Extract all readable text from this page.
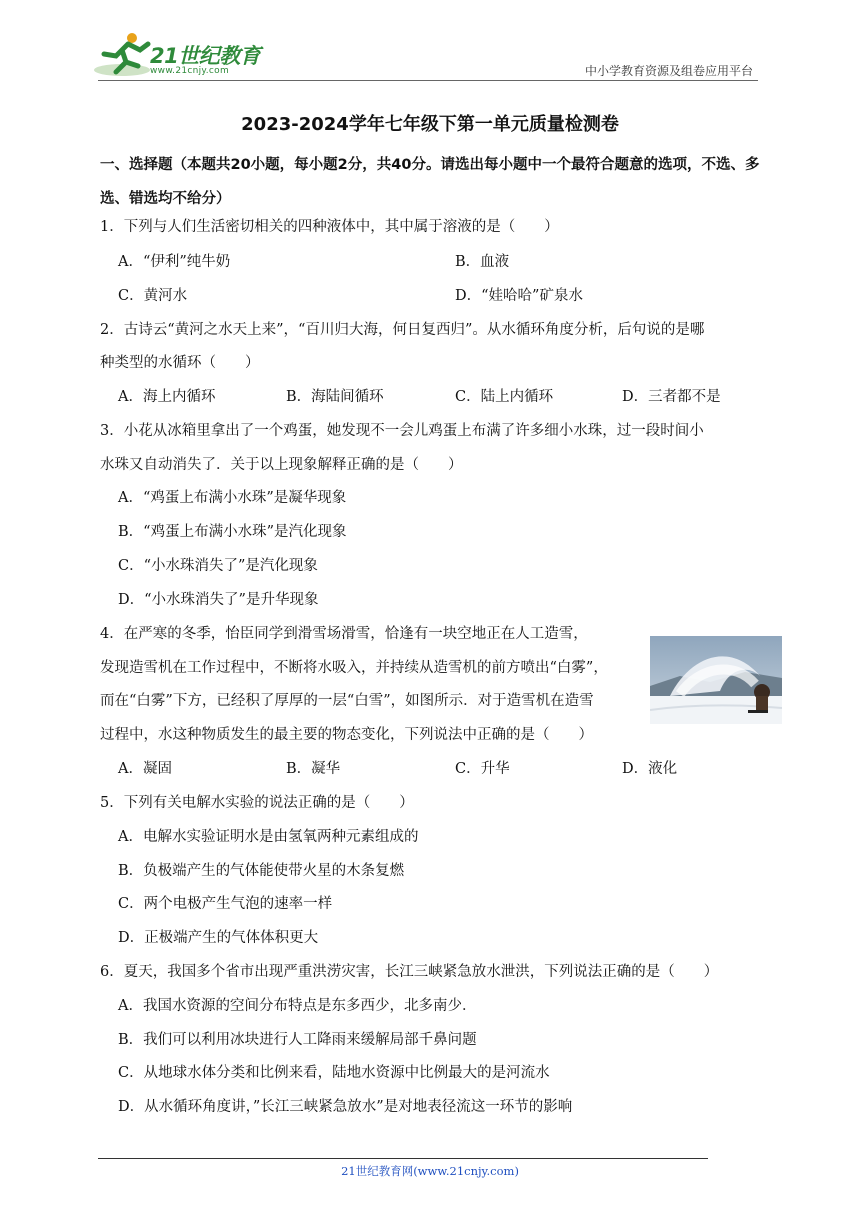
21世纪教育
www.21cnjy.com	中小学教育资源及组卷应用平台
2023-2024学年七年级下第一单元质量检测卷
一、选择题（本题共20小题，每小题2分，共40分。请选出每小题中一个最符合题意的选项，不选、多选、错选均不给分）
1．下列与人们生活密切相关的四种液体中，其中属于溶液的是（　　）
A．“伊利”纯牛奶	B．血液
C．黄河水	D．“娃哈哈”矿泉水
2．古诗云“黄河之水天上来”，“百川归大海，何日复西归”。从水循环角度分析，后句说的是哪
种类型的水循环（　　）
A．海上内循环	B．海陆间循环	C．陆上内循环	D．三者都不是
3．小花从冰箱里拿出了一个鸡蛋，她发现不一会儿鸡蛋上布满了许多细小水珠，过一段时间小
水珠又自动消失了．关于以上现象解释正确的是（　　）
A．“鸡蛋上布满小水珠”是凝华现象
B．“鸡蛋上布满小水珠”是汽化现象
C．“小水珠消失了”是汽化现象
D．“小水珠消失了”是升华现象
4．在严寒的冬季，怡臣同学到滑雪场滑雪，恰逢有一块空地正在人工造雪，
发现造雪机在工作过程中，不断将水吸入，并持续从造雪机的前方喷出“白雾”，
而在“白雾”下方，已经积了厚厚的一层“白雪”，如图所示．对于造雪机在造雪
过程中，水这种物质发生的最主要的物态变化，下列说法中正确的是（　　）
A．凝固	B．凝华	C．升华	D．液化
5．下列有关电解水实验的说法正确的是（　　）
A．电解水实验证明水是由氢氧两种元素组成的
B．负极端产生的气体能使带火星的木条复燃
C．两个电极产生气泡的速率一样
D．正极端产生的气体体积更大
6．夏天，我国多个省市出现严重洪涝灾害，长江三峡紧急放水泄洪，下列说法正确的是（　　）
A．我国水资源的空间分布特点是东多西少，北多南少．
B．我们可以利用冰块进行人工降雨来缓解局部千鼻问题
C．从地球水体分类和比例来看，陆地水资源中比例最大的是河流水
D．从水循环角度讲，”长江三峡紧急放水”是对地表径流这一环节的影响
21世纪教育网(www.21cnjy.com)
